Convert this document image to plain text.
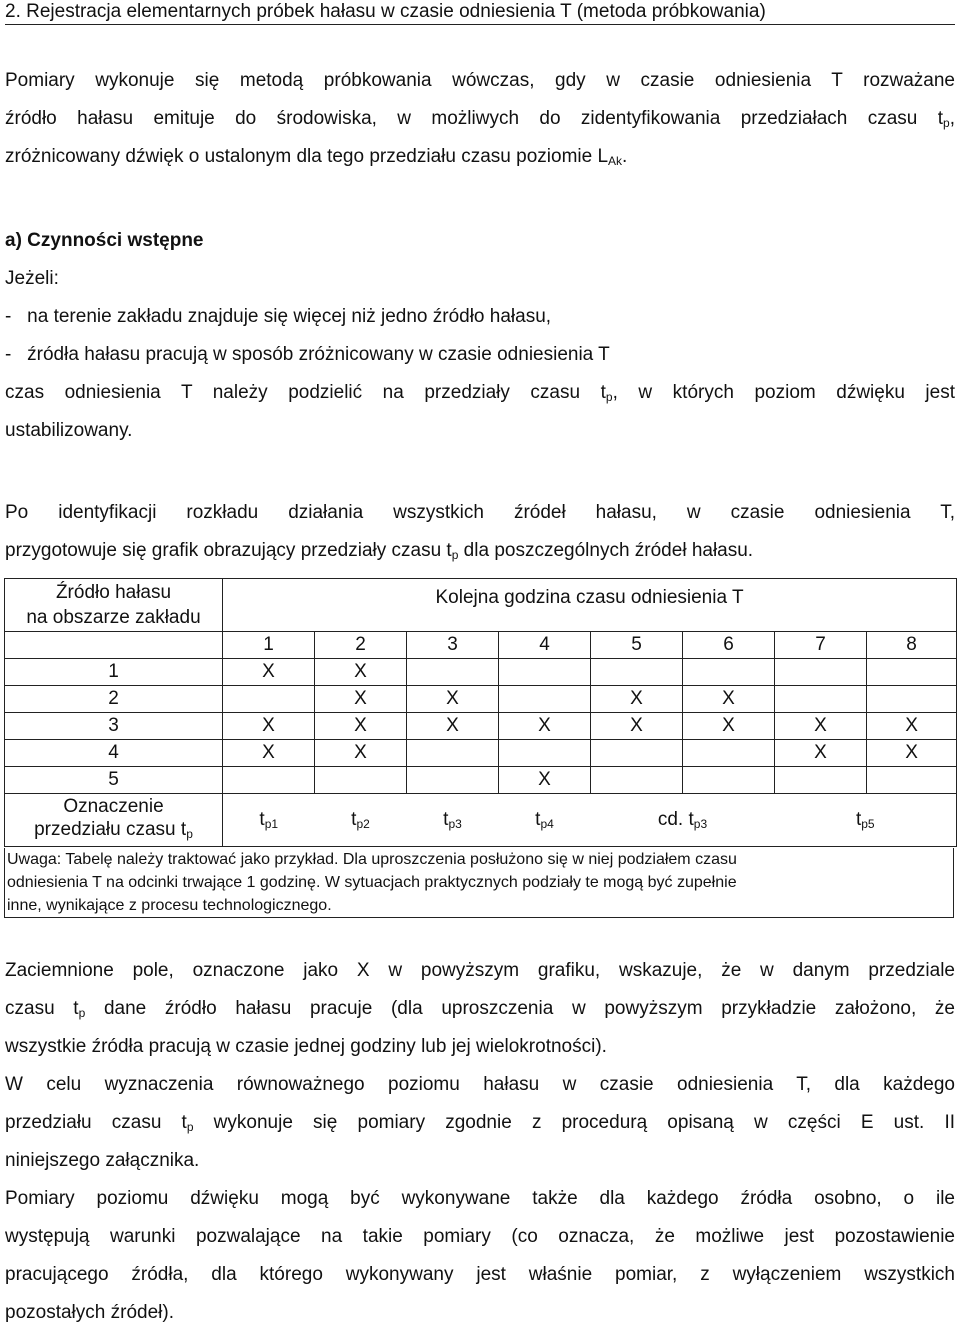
2. Rejestracja elementarnych próbek hałasu w czasie odniesienia T (metoda próbkowania)
Pomiary wykonuje się metodą próbkowania wówczas, gdy w czasie odniesienia T rozważane
źródło hałasu emituje do środowiska, w możliwych do zidentyfikowania przedziałach czasu $t_p$,
zróżnicowany dźwięk o ustalonym dla tego przedziału czasu poziomie $L_{Ak}$.
a) Czynności wstępne
Jeżeli:
-   na terenie zakładu znajduje się więcej niż jedno źródło hałasu,
-   źródła hałasu pracują w sposób zróżnicowany w czasie odniesienia T
czas odniesienia T należy podzielić na przedziały czasu $t_p$, w których poziom dźwięku jest
ustabilizowany.
Po identyfikacji rozkładu działania wszystkich źródeł hałasu, w czasie odniesienia T,
przygotowuje się grafik obrazujący przedziały czasu $t_p$ dla poszczególnych źródeł hałasu.
Źródło hałasu
na obszarze zakładu	Kolejna godzina czasu odniesienia T							
	1	2	3	4	5	6	7	8
1	X	X						
2		X	X		X	X		
3	X	X	X	X	X	X	X	X
4	X	X					X	X
5				X				

Oznaczenie
przedziału czasu $t_p$	$t_{p1}$	$t_{p2}$	$t_{p3}$	$t_{p4}$	cd. $t_{p3}$		$t_{p5}$
Uwaga: Tabelę należy traktować jako przykład. Dla uproszczenia posłużono się w niej podziałem czasu
odniesienia T na odcinki trwające 1 godzinę. W sytuacjach praktycznych podziały te mogą być zupełnie
inne, wynikające z procesu technologicznego.
Zaciemnione pole, oznaczone jako X w powyższym grafiku, wskazuje, że w danym przedziale
czasu $t_p$ dane źródło hałasu pracuje (dla uproszczenia w powyższym przykładzie założono, że
wszystkie źródła pracują w czasie jednej godziny lub jej wielokrotności).
W celu wyznaczenia równoważnego poziomu hałasu w czasie odniesienia T, dla każdego
przedziału czasu $t_p$ wykonuje się pomiary zgodnie z procedurą opisaną w części E ust. II
niniejszego załącznika.
Pomiary poziomu dźwięku mogą być wykonywane także dla każdego źródła osobno, o ile
występują warunki pozwalające na takie pomiary (co oznacza, że możliwe jest pozostawienie
pracującego źródła, dla którego wykonywany jest właśnie pomiar, z wyłączeniem wszystkich
pozostałych źródeł).
